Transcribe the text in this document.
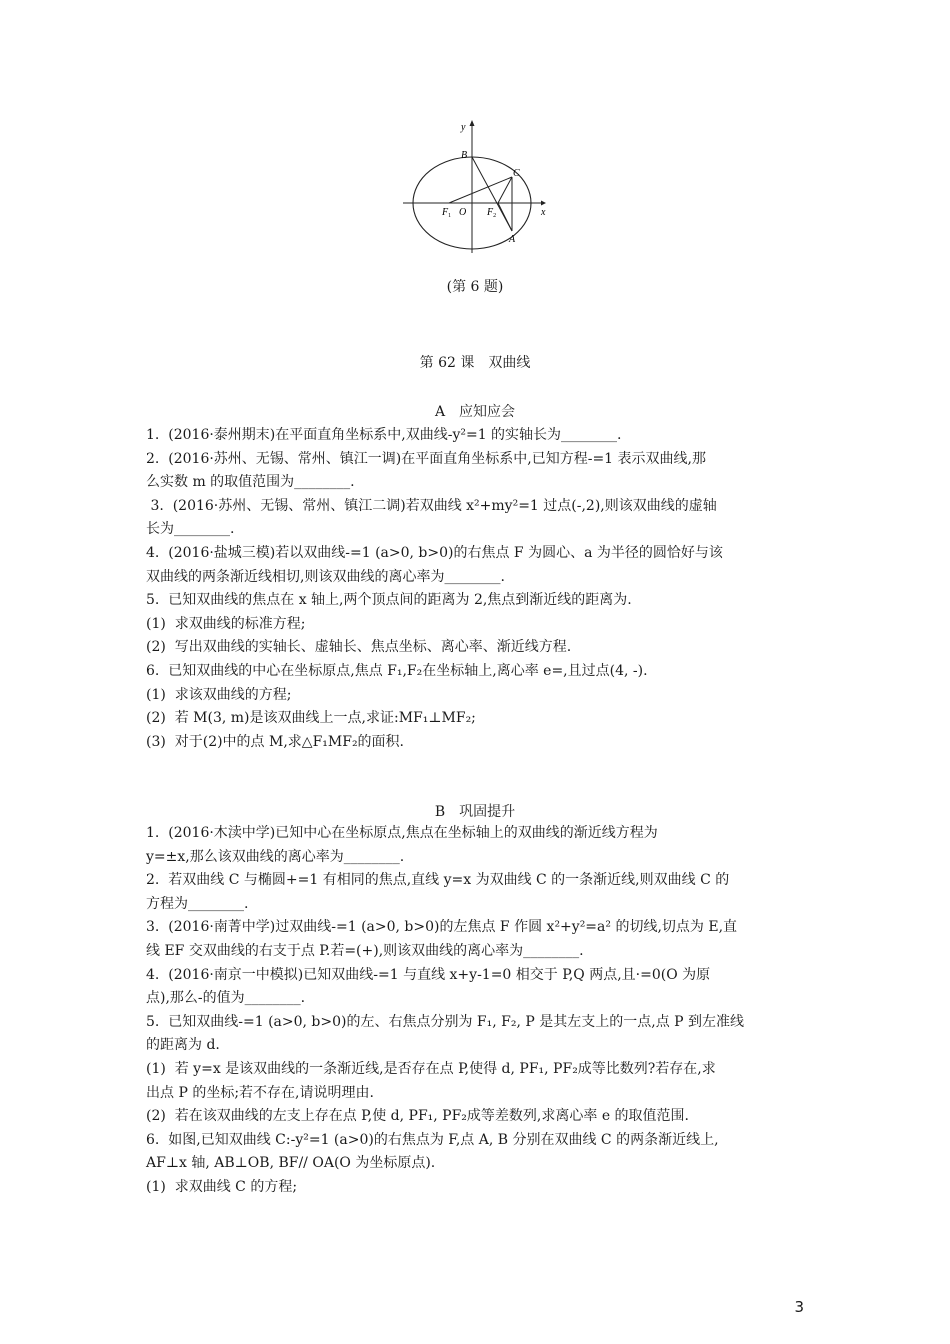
y
x
B
C
$F_1$ O $F_2$
A
(第 6 题)
第 62 课　双曲线
A　应知应会
1.  (2016·泰州期末)在平面直角坐标系中,双曲线-y²=1 的实轴长为________.
2.  (2016·苏州、无锡、常州、镇江一调)在平面直角坐标系中,已知方程-=1 表示双曲线,那
么实数 m 的取值范围为________.
3.  (2016·苏州、无锡、常州、镇江二调)若双曲线 x²+my²=1 过点(-,2),则该双曲线的虚轴
长为________.
4.  (2016·盐城三模)若以双曲线-=1 (a>0, b>0)的右焦点 F 为圆心、a 为半径的圆恰好与该
双曲线的两条渐近线相切,则该双曲线的离心率为________.
5.  已知双曲线的焦点在 x 轴上,两个顶点间的距离为 2,焦点到渐近线的距离为.
(1)  求双曲线的标准方程;
(2)  写出双曲线的实轴长、虚轴长、焦点坐标、离心率、渐近线方程.
6.  已知双曲线的中心在坐标原点,焦点 F₁,F₂在坐标轴上,离心率 e=,且过点(4, -).
(1)  求该双曲线的方程;
(2)  若 M(3, m)是该双曲线上一点,求证:MF₁⊥MF₂;
(3)  对于(2)中的点 M,求△F₁MF₂的面积.
B　巩固提升
1.  (2016·木渎中学)已知中心在坐标原点,焦点在坐标轴上的双曲线的渐近线方程为
y=±x,那么该双曲线的离心率为________.
2.  若双曲线 C 与椭圆+=1 有相同的焦点,直线 y=x 为双曲线 C 的一条渐近线,则双曲线 C 的
方程为________.
3.  (2016·南菁中学)过双曲线-=1 (a>0, b>0)的左焦点 F 作圆 x²+y²=a² 的切线,切点为 E,直
线 EF 交双曲线的右支于点 P.若=(+),则该双曲线的离心率为________.
4.  (2016·南京一中模拟)已知双曲线-=1 与直线 x+y-1=0 相交于 P,Q 两点,且·=0(O 为原
点),那么-的值为________.
5.  已知双曲线-=1 (a>0, b>0)的左、右焦点分别为 F₁, F₂, P 是其左支上的一点,点 P 到左准线
的距离为 d.
(1)  若 y=x 是该双曲线的一条渐近线,是否存在点 P,使得 d, PF₁, PF₂成等比数列?若存在,求
出点 P 的坐标;若不存在,请说明理由.
(2)  若在该双曲线的左支上存在点 P,使 d, PF₁, PF₂成等差数列,求离心率 e 的取值范围.
6.  如图,已知双曲线 C:-y²=1 (a>0)的右焦点为 F,点 A, B 分别在双曲线 C 的两条渐近线上,
AF⊥x 轴, AB⊥OB, BF// OA(O 为坐标原点).
(1)  求双曲线 C 的方程;
3
